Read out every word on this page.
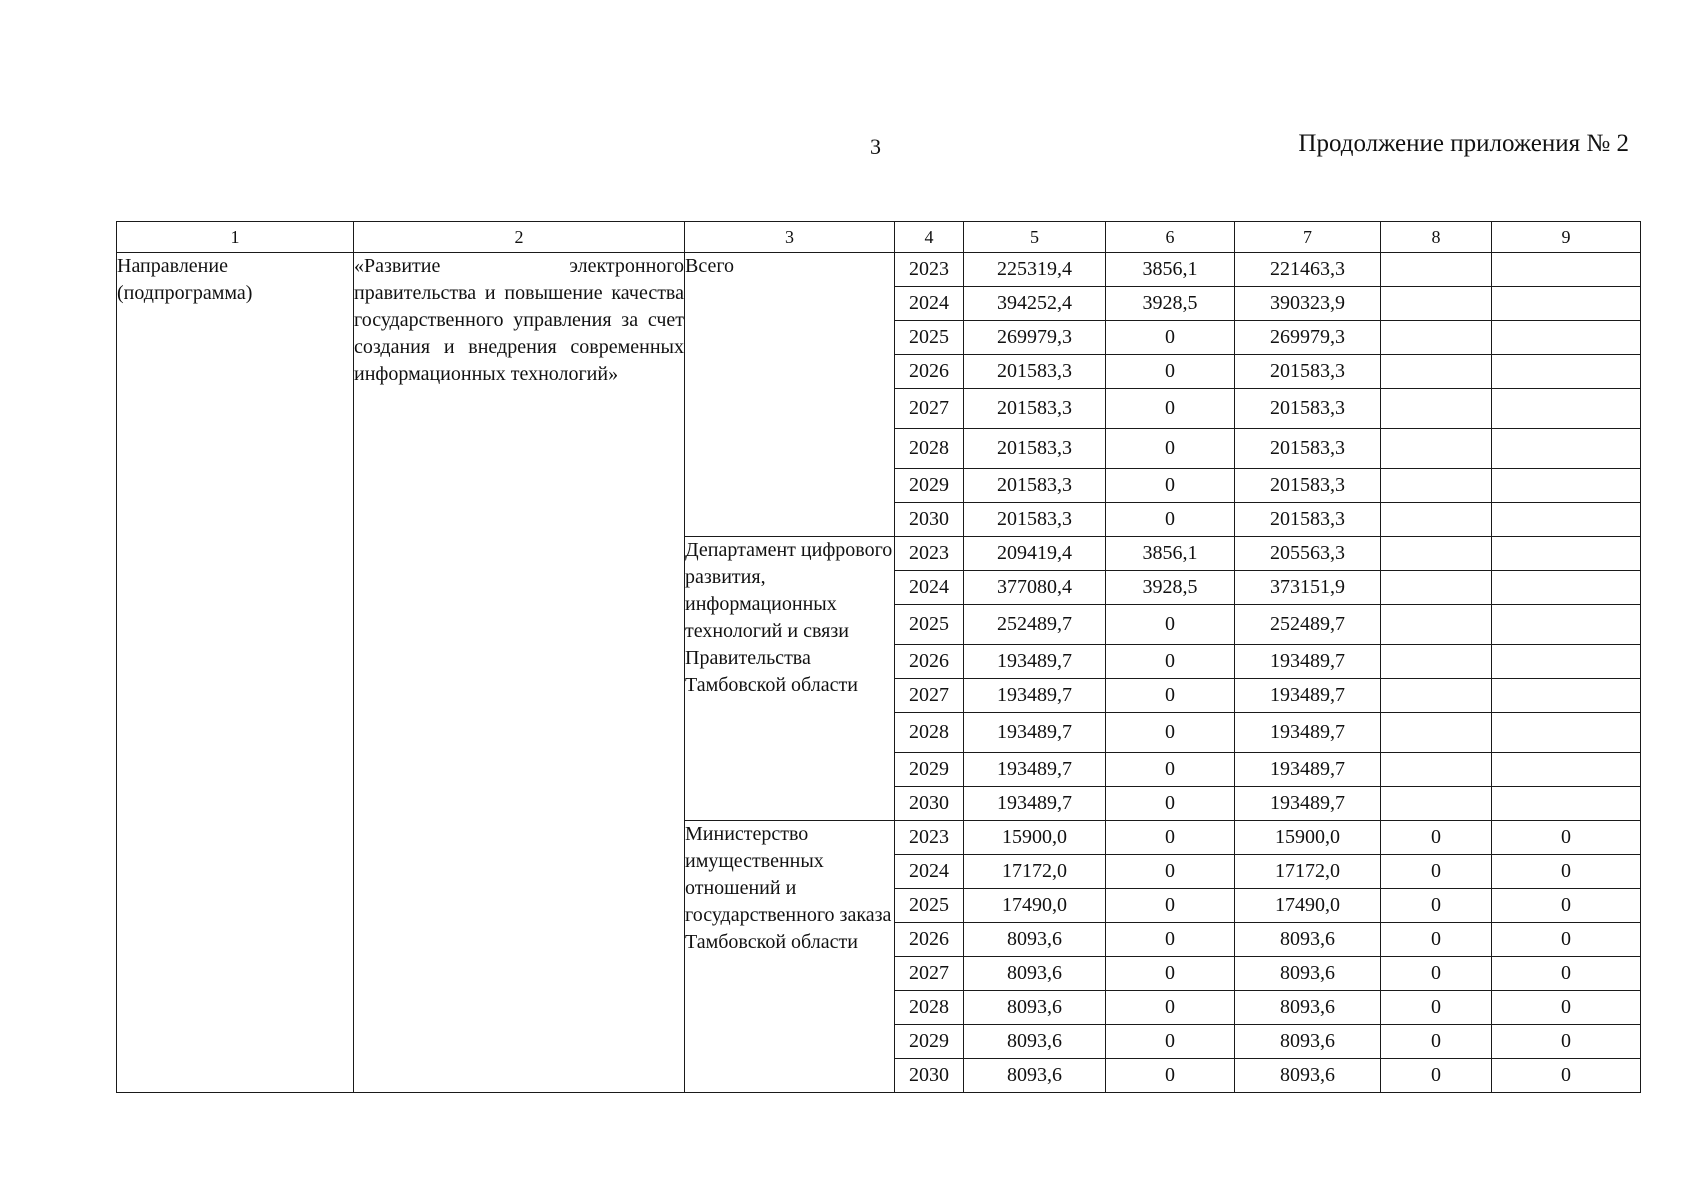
3	Продолжение приложения № 2
1	2	3	4	5	6	7	8	9
Направление (подпрограмма)	«Развитие электронного правительства и повышение качества государственного управления за счет создания и внедрения современных информационных технологий»	Всего	2023	225319,4	3856,1	221463,3		
			2024	394252,4	3928,5	390323,9		
			2025	269979,3	0	269979,3		
			2026	201583,3	0	201583,3		
			2027	201583,3	0	201583,3		
			2028	201583,3	0	201583,3		
			2029	201583,3	0	201583,3		
			2030	201583,3	0	201583,3		
		Департамент цифрового развития, информационных технологий и связи Правительства Тамбовской области	2023	209419,4	3856,1	205563,3		
			2024	377080,4	3928,5	373151,9		
			2025	252489,7	0	252489,7		
			2026	193489,7	0	193489,7		
			2027	193489,7	0	193489,7		
			2028	193489,7	0	193489,7		
			2029	193489,7	0	193489,7		
			2030	193489,7	0	193489,7		
		Министерство имущественных отношений и государственного заказа Тамбовской области	2023	15900,0	0	15900,0	0	0
			2024	17172,0	0	17172,0	0	0
			2025	17490,0	0	17490,0	0	0
			2026	8093,6	0	8093,6	0	0
			2027	8093,6	0	8093,6	0	0
			2028	8093,6	0	8093,6	0	0
			2029	8093,6	0	8093,6	0	0
			2030	8093,6	0	8093,6	0	0
